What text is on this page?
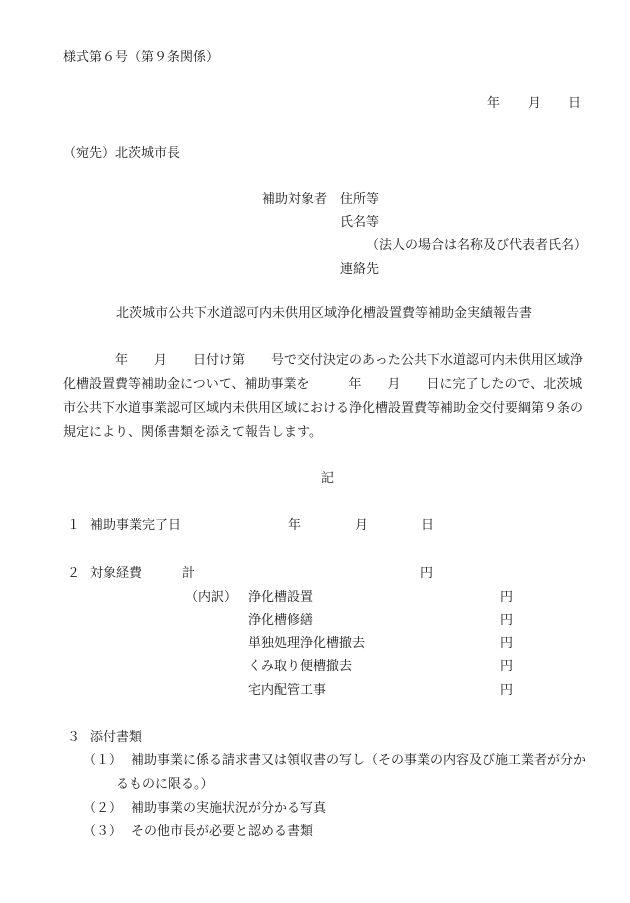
様式第６号（第９条関係）
年 月 日
（宛先）北茨城市長
補助対象者 住所等
氏名等
（法人の場合は名称及び代表者氏名）
連絡先
北茨城市公共下水道認可内未供用区域浄化槽設置費等補助金実績報告書
　　　　年　　月　　日付け第　　号で交付決定のあった公共下水道認可内未供用区域浄
化槽設置費等補助金について、補助事業を　　　年　　月　　日に完了したので、北茨城
市公共下水道事業認可区域内未供用区域における浄化槽設置費等補助金交付要綱第９条の
規定により、関係書類を添えて報告します。
記
１ 補助事業完了日	年	月	日
２ 対象経費	計	円
（内訳） 浄化槽設置	円
浄化槽修繕	円
単独処理浄化槽撤去	円
くみ取り便槽撤去	円
宅内配管工事	円
３ 添付書類
（１） 補助事業に係る請求書又は領収書の写し（その事業の内容及び施工業者が分か
るものに限る。）
（２） 補助事業の実施状況が分かる写真
（３） その他市長が必要と認める書類
